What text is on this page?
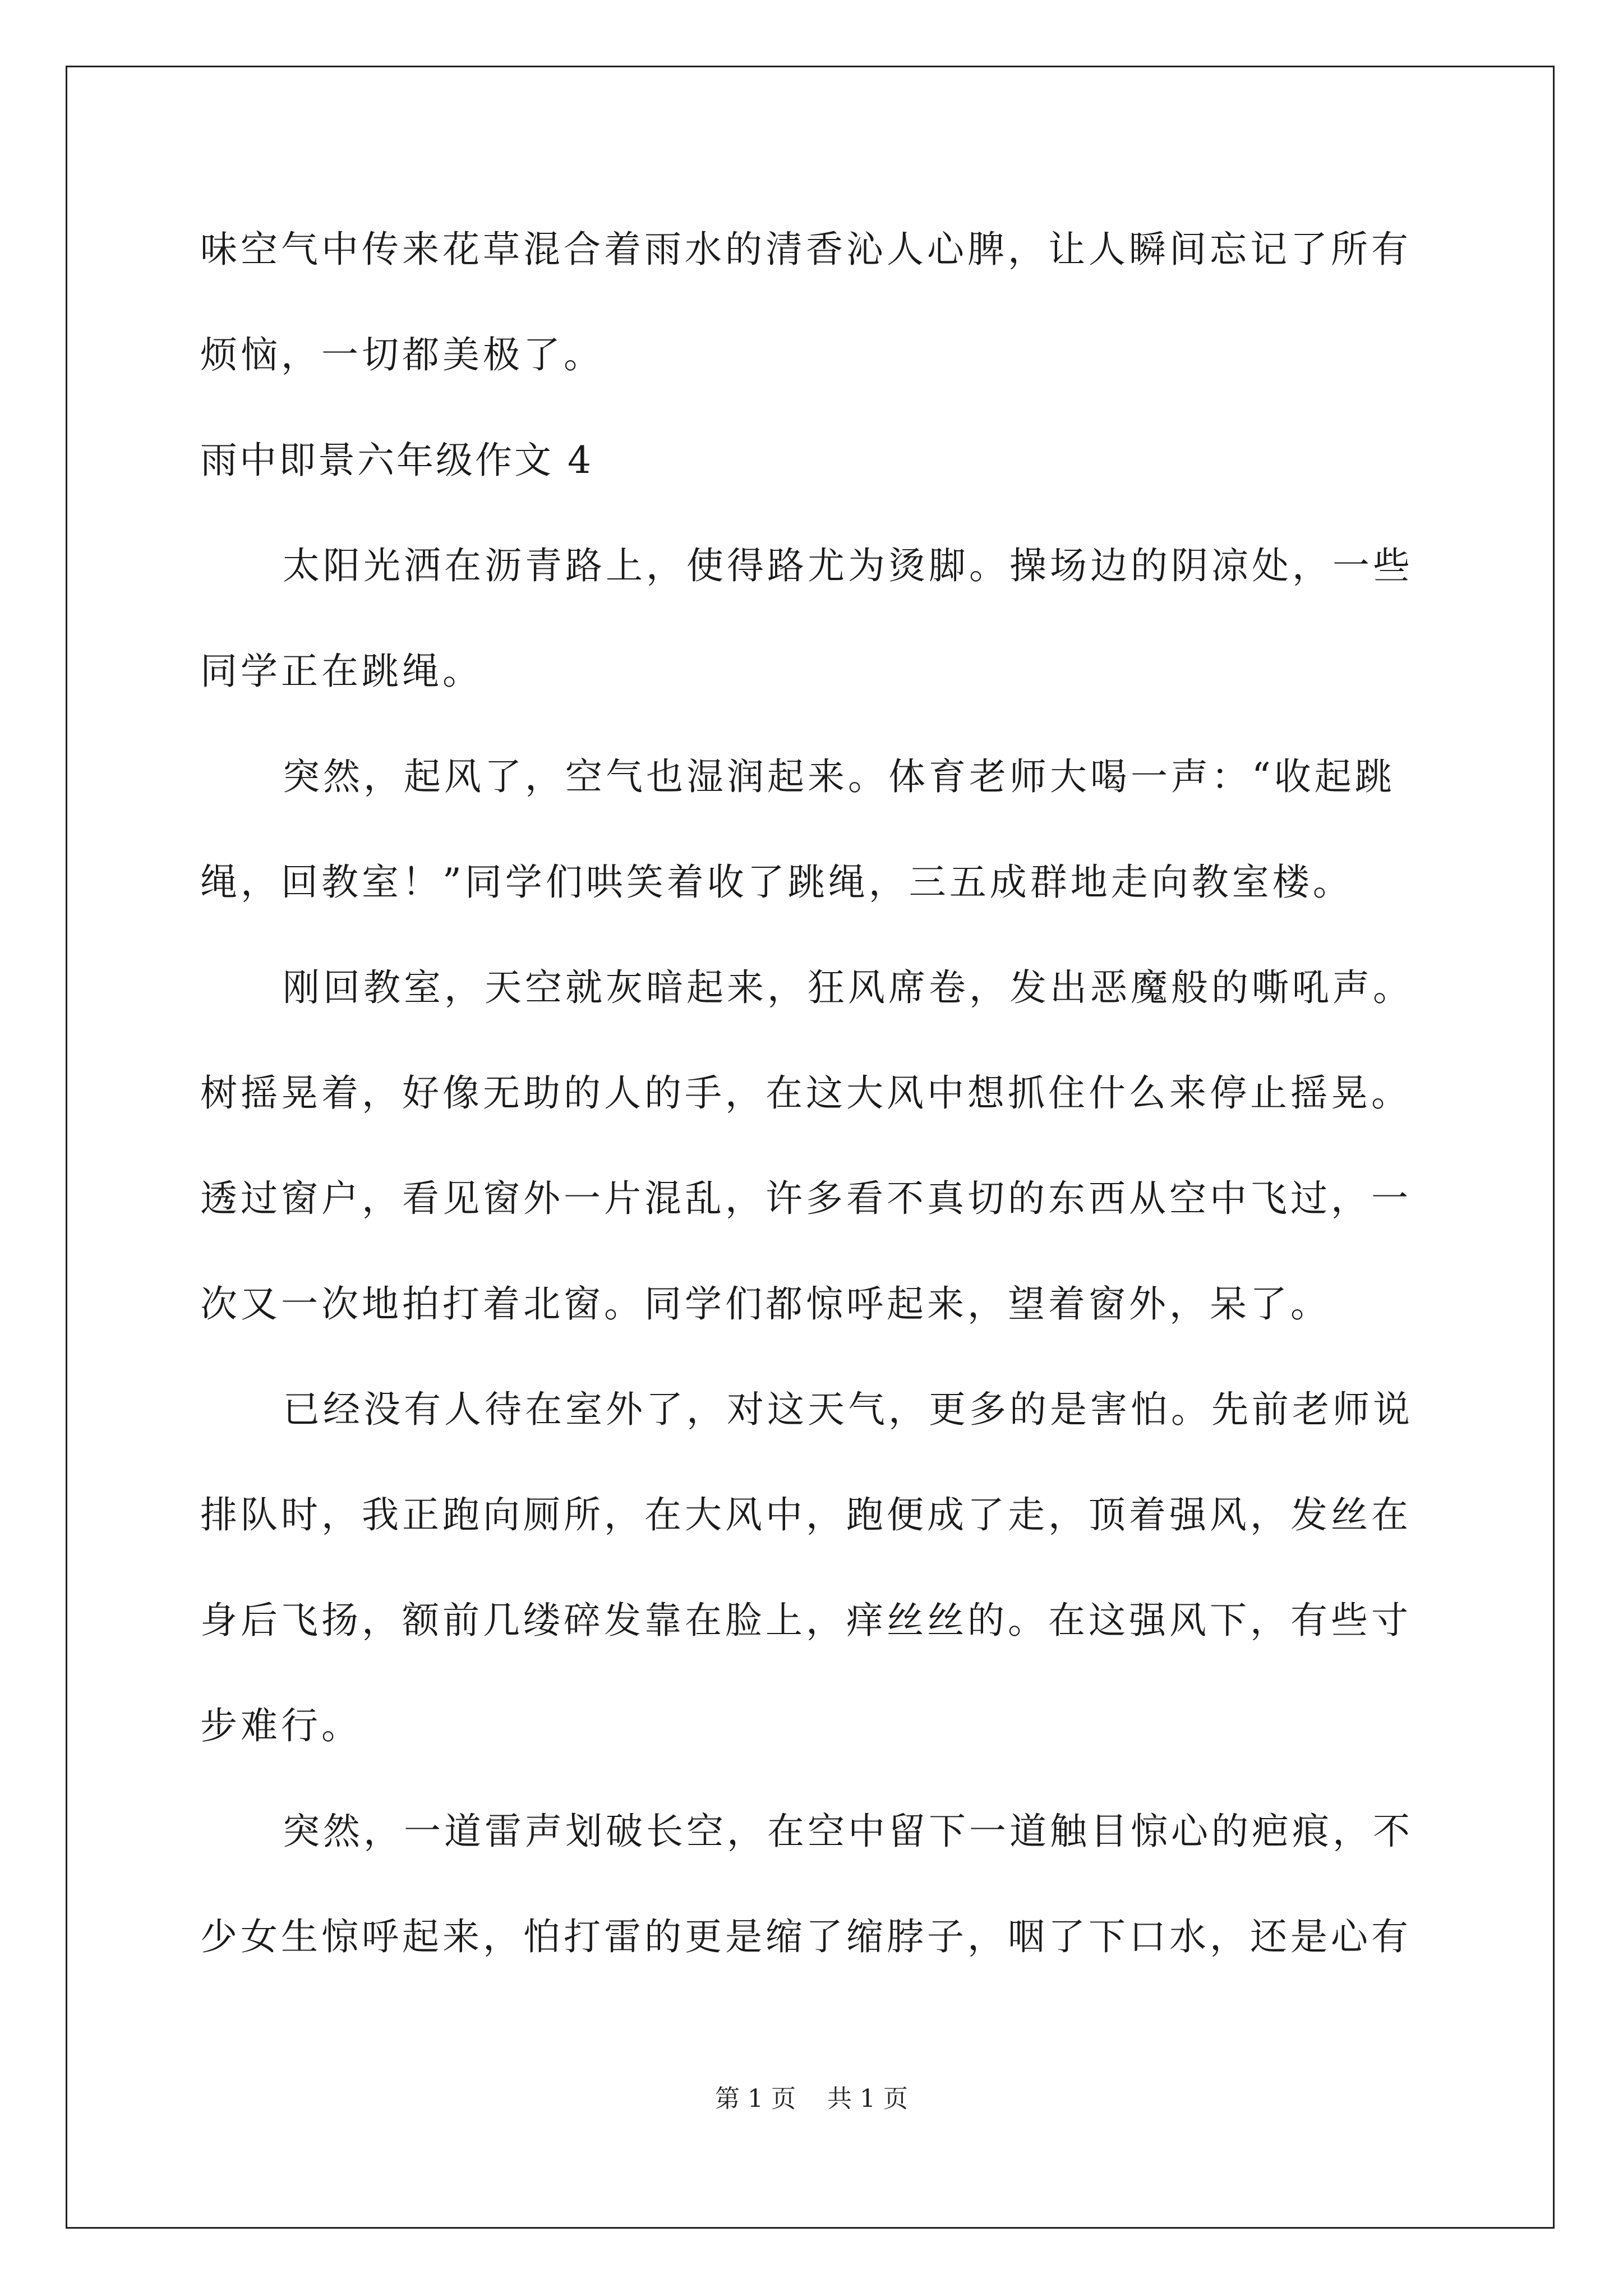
味空气中传来花草混合着雨水的清香沁人心脾，让人瞬间忘记了所有
烦恼，一切都美极了。
雨中即景六年级作文 4
太阳光洒在沥青路上，使得路尤为烫脚。操场边的阴凉处，一些
同学正在跳绳。
突然，起风了，空气也湿润起来。体育老师大喝一声：“收起跳
绳，回教室！”同学们哄笑着收了跳绳，三五成群地走向教室楼。
刚回教室，天空就灰暗起来，狂风席卷，发出恶魔般的嘶吼声。
树摇晃着，好像无助的人的手，在这大风中想抓住什么来停止摇晃。
透过窗户，看见窗外一片混乱，许多看不真切的东西从空中飞过，一
次又一次地拍打着北窗。同学们都惊呼起来，望着窗外，呆了。
已经没有人待在室外了，对这天气，更多的是害怕。先前老师说
排队时，我正跑向厕所，在大风中，跑便成了走，顶着强风，发丝在
身后飞扬，额前几缕碎发靠在脸上，痒丝丝的。在这强风下，有些寸
步难行。
突然，一道雷声划破长空，在空中留下一道触目惊心的疤痕，不
少女生惊呼起来，怕打雷的更是缩了缩脖子，咽了下口水，还是心有
第 1 页    共 1 页
